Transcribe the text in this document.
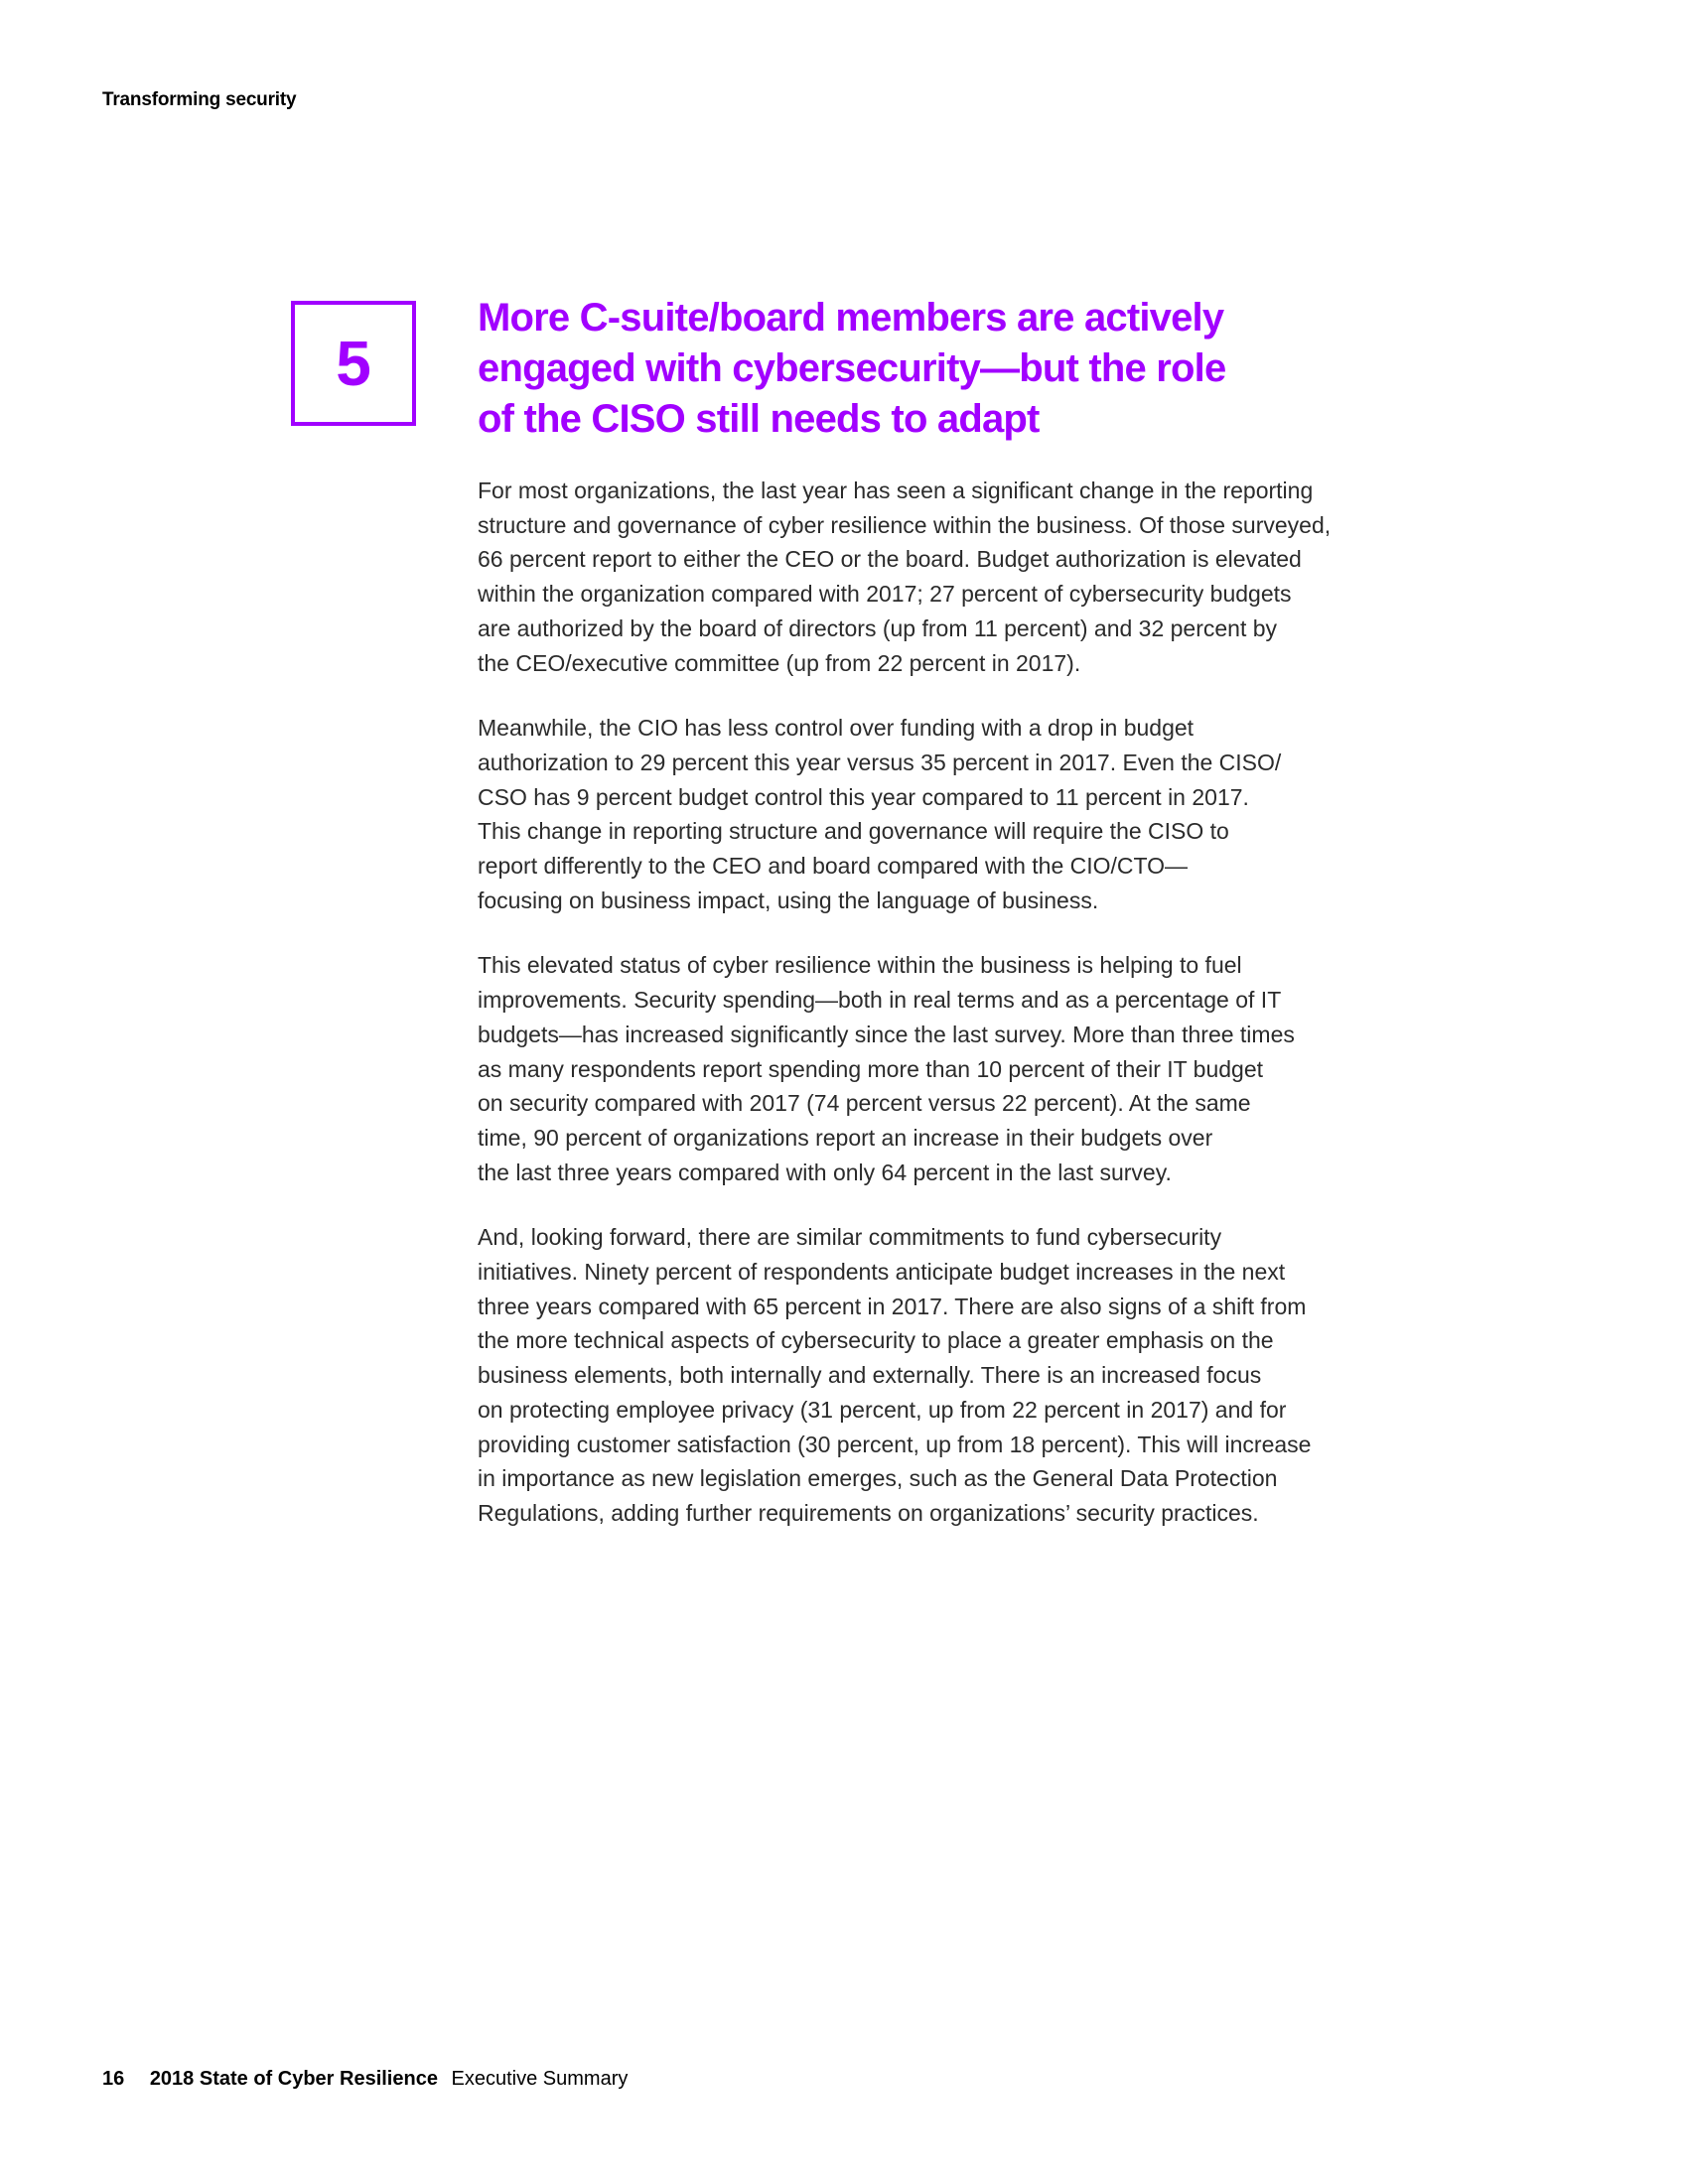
Transforming security
5
More C-suite/board members are actively
engaged with cybersecurity—but the role
of the CISO still needs to adapt

For most organizations, the last year has seen a significant change in the reporting
structure and governance of cyber resilience within the business. Of those surveyed,
66 percent report to either the CEO or the board. Budget authorization is elevated
within the organization compared with 2017; 27 percent of cybersecurity budgets
are authorized by the board of directors (up from 11 percent) and 32 percent by
the CEO/executive committee (up from 22 percent in 2017).

Meanwhile, the CIO has less control over funding with a drop in budget
authorization to 29 percent this year versus 35 percent in 2017. Even the CISO/
CSO has 9 percent budget control this year compared to 11 percent in 2017.
This change in reporting structure and governance will require the CISO to
report differently to the CEO and board compared with the CIO/CTO—
focusing on business impact, using the language of business.

This elevated status of cyber resilience within the business is helping to fuel
improvements. Security spending—both in real terms and as a percentage of IT
budgets—has increased significantly since the last survey. More than three times
as many respondents report spending more than 10 percent of their IT budget
on security compared with 2017 (74 percent versus 22 percent). At the same
time, 90 percent of organizations report an increase in their budgets over
the last three years compared with only 64 percent in the last survey.

And, looking forward, there are similar commitments to fund cybersecurity
initiatives. Ninety percent of respondents anticipate budget increases in the next
three years compared with 65 percent in 2017. There are also signs of a shift from
the more technical aspects of cybersecurity to place a greater emphasis on the
business elements, both internally and externally. There is an increased focus
on protecting employee privacy (31 percent, up from 22 percent in 2017) and for
providing customer satisfaction (30 percent, up from 18 percent). This will increase
in importance as new legislation emerges, such as the General Data Protection
Regulations, adding further requirements on organizations’ security practices.

16 2018 State of Cyber Resilience Executive Summary
